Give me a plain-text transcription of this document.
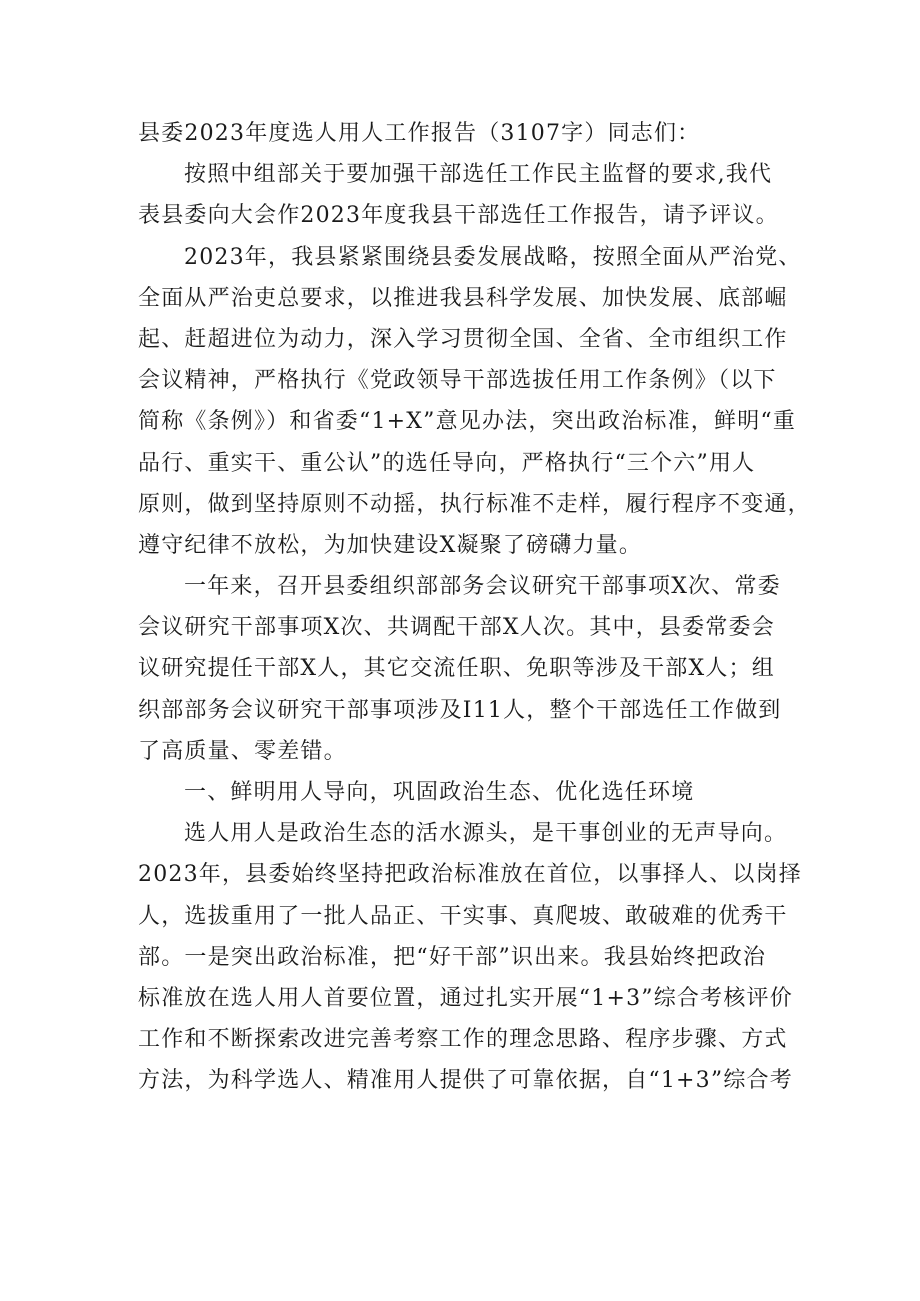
县委2023年度选人用人工作报告（3107字）同志们：
按照中组部关于要加强干部选任工作民主监督的要求,我代
表县委向大会作2023年度我县干部选任工作报告，请予评议。
2023年，我县紧紧围绕县委发展战略，按照全面从严治党、
全面从严治吏总要求，以推进我县科学发展、加快发展、底部崛
起、赶超进位为动力，深入学习贯彻全国、全省、全市组织工作
会议精神，严格执行《党政领导干部选拔任用工作条例》（以下
简称《条例》）和省委“1+X”意见办法，突出政治标准，鲜明“重
品行、重实干、重公认”的选任导向，严格执行“三个六”用人
原则，做到坚持原则不动摇，执行标准不走样，履行程序不变通，
遵守纪律不放松，为加快建设X凝聚了磅礴力量。
一年来，召开县委组织部部务会议研究干部事项X次、常委
会议研究干部事项X次、共调配干部X人次。其中，县委常委会
议研究提任干部X人，其它交流任职、免职等涉及干部X人；组
织部部务会议研究干部事项涉及I11人，整个干部选任工作做到
了高质量、零差错。
一、鲜明用人导向，巩固政治生态、优化选任环境
选人用人是政治生态的活水源头，是干事创业的无声导向。
2023年，县委始终坚持把政治标准放在首位，以事择人、以岗择
人，选拔重用了一批人品正、干实事、真爬坡、敢破难的优秀干
部。一是突出政治标准，把“好干部”识出来。我县始终把政治
标准放在选人用人首要位置，通过扎实开展“1+3”综合考核评价
工作和不断探索改进完善考察工作的理念思路、程序步骤、方式
方法，为科学选人、精准用人提供了可靠依据，自“1+3”综合考
